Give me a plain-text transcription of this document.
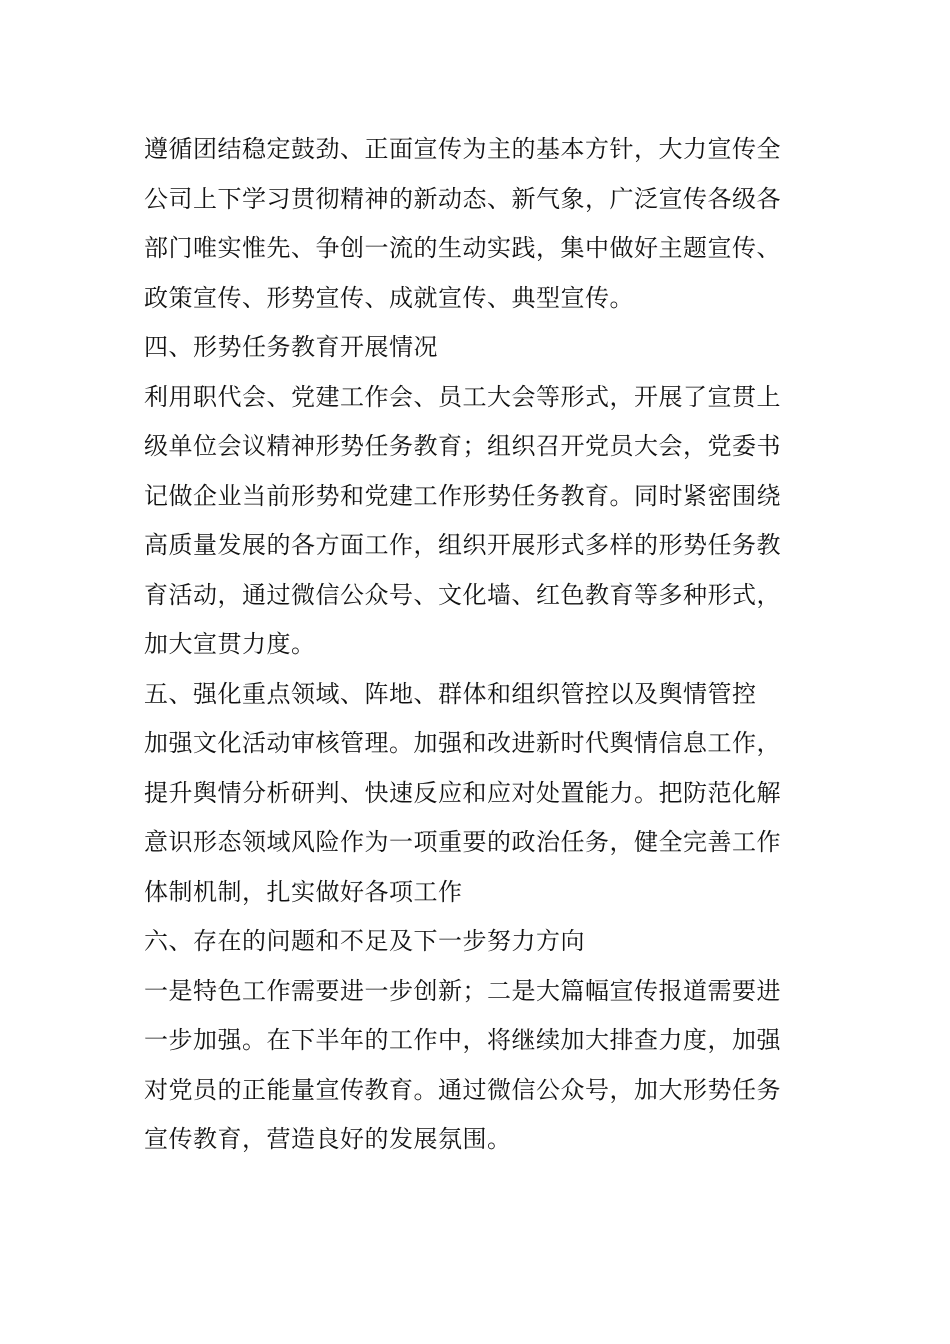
遵循团结稳定鼓劲、正面宣传为主的基本方针，大力宣传全
公司上下学习贯彻精神的新动态、新气象，广泛宣传各级各
部门唯实惟先、争创一流的生动实践，集中做好主题宣传、
政策宣传、形势宣传、成就宣传、典型宣传。
四、形势任务教育开展情况
利用职代会、党建工作会、员工大会等形式，开展了宣贯上
级单位会议精神形势任务教育；组织召开党员大会，党委书
记做企业当前形势和党建工作形势任务教育。同时紧密围绕
高质量发展的各方面工作，组织开展形式多样的形势任务教
育活动，通过微信公众号、文化墙、红色教育等多种形式，
加大宣贯力度。
五、强化重点领域、阵地、群体和组织管控以及舆情管控
加强文化活动审核管理。加强和改进新时代舆情信息工作，
提升舆情分析研判、快速反应和应对处置能力。把防范化解
意识形态领域风险作为一项重要的政治任务，健全完善工作
体制机制，扎实做好各项工作
六、存在的问题和不足及下一步努力方向
一是特色工作需要进一步创新；二是大篇幅宣传报道需要进
一步加强。在下半年的工作中，将继续加大排查力度，加强
对党员的正能量宣传教育。通过微信公众号，加大形势任务
宣传教育，营造良好的发展氛围。
